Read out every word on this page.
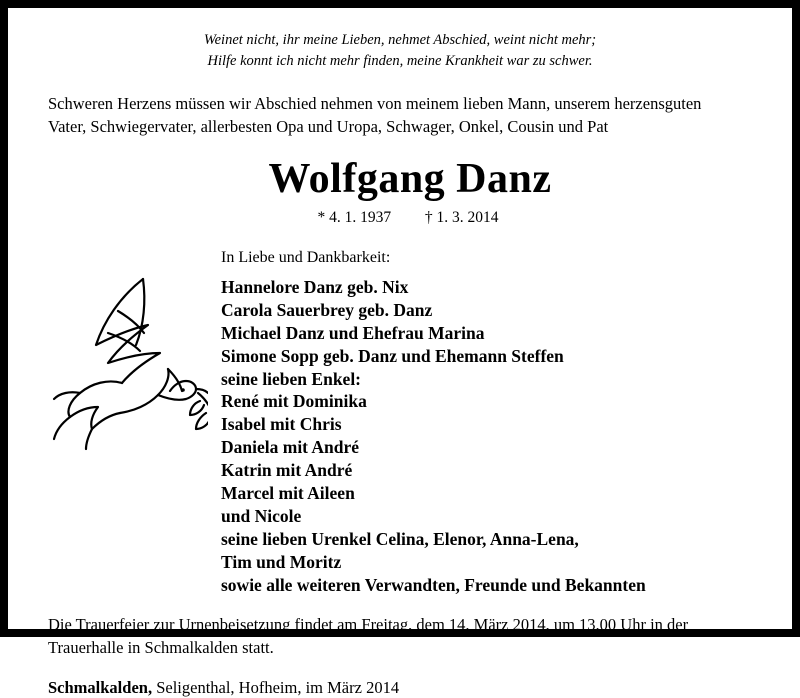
Weinet nicht, ihr meine Lieben, nehmet Abschied, weint nicht mehr;
Hilfe konnt ich nicht mehr finden, meine Krankheit war zu schwer.
Schweren Herzens müssen wir Abschied nehmen von meinem lieben Mann, unserem herzensguten
Vater, Schwiegervater, allerbesten Opa und Uropa, Schwager, Onkel, Cousin und Pat
Wolfgang Danz
* 4. 1. 1937 † 1. 3. 2014
In Liebe und Dankbarkeit:
Hannelore Danz geb. Nix
Carola Sauerbrey geb. Danz
Michael Danz und Ehefrau Marina
Simone Sopp geb. Danz und Ehemann Steffen
seine lieben Enkel:
René mit Dominika
Isabel mit Chris
Daniela mit André
Katrin mit André
Marcel mit Aileen
und Nicole
seine lieben Urenkel Celina, Elenor, Anna-Lena,
Tim und Moritz
sowie alle weiteren Verwandten, Freunde und Bekannten
Die Trauerfeier zur Urnenbeisetzung findet am Freitag, dem 14. März 2014, um 13.00 Uhr in der
Trauerhalle in Schmalkalden statt.
Schmalkalden, Seligenthal, Hofheim, im März 2014
